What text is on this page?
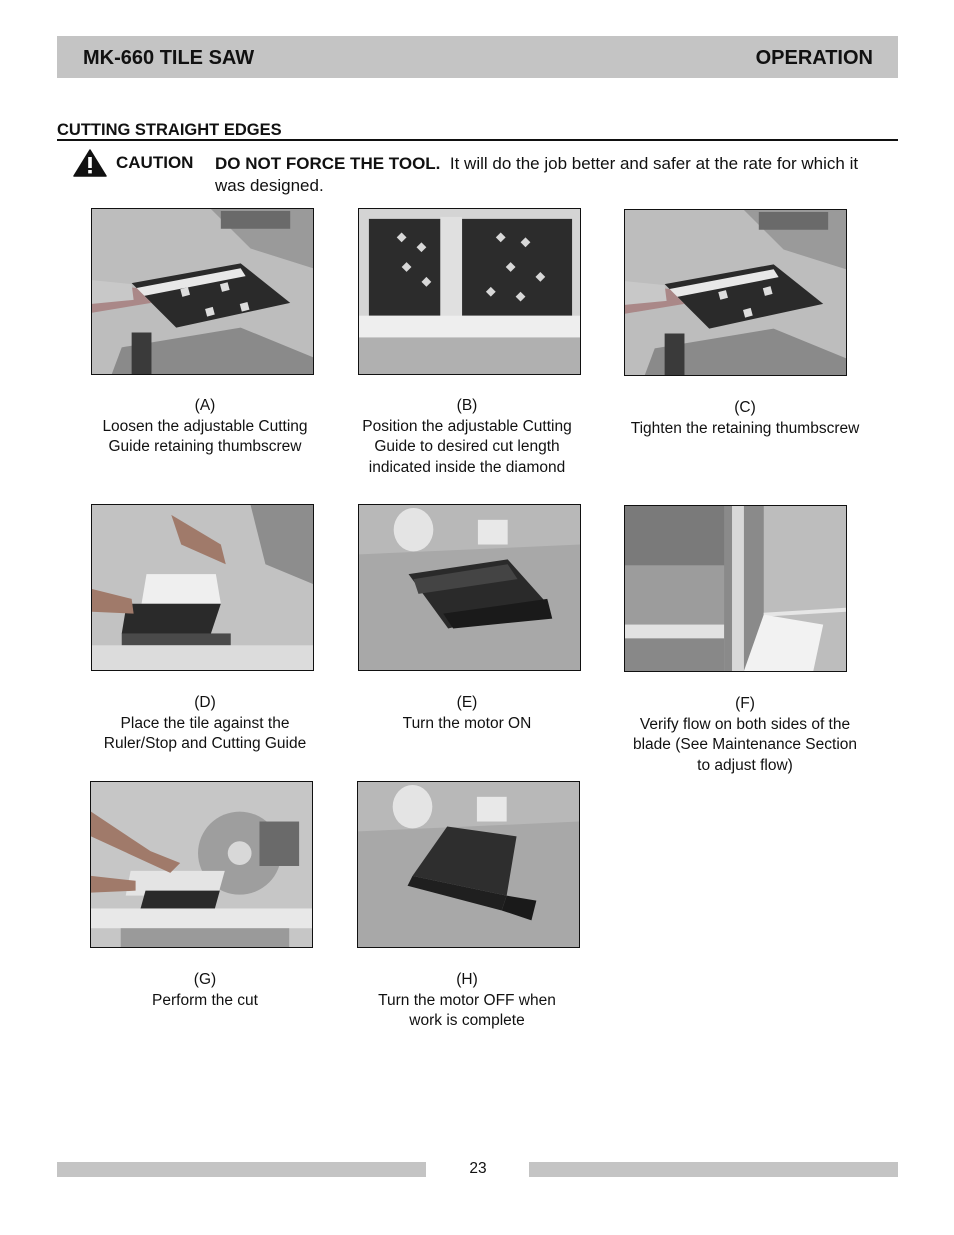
MK-660 TILE SAW	OPERATION
CUTTING STRAIGHT EDGES
CAUTION DO NOT FORCE THE TOOL. It will do the job better and safer at the rate for which it was designed.
(A)
Loosen the adjustable Cutting
Guide retaining thumbscrew
(B)
Position the adjustable Cutting
Guide to desired cut length
indicated inside the diamond
(C)
Tighten the retaining thumbscrew
(D)
Place the tile against the
Ruler/Stop and Cutting Guide
(E)
Turn the motor ON
(F)
Verify flow on both sides of the
blade (See Maintenance Section
to adjust flow)
(G)
Perform the cut
(H)
Turn the motor OFF when
work is complete
23
